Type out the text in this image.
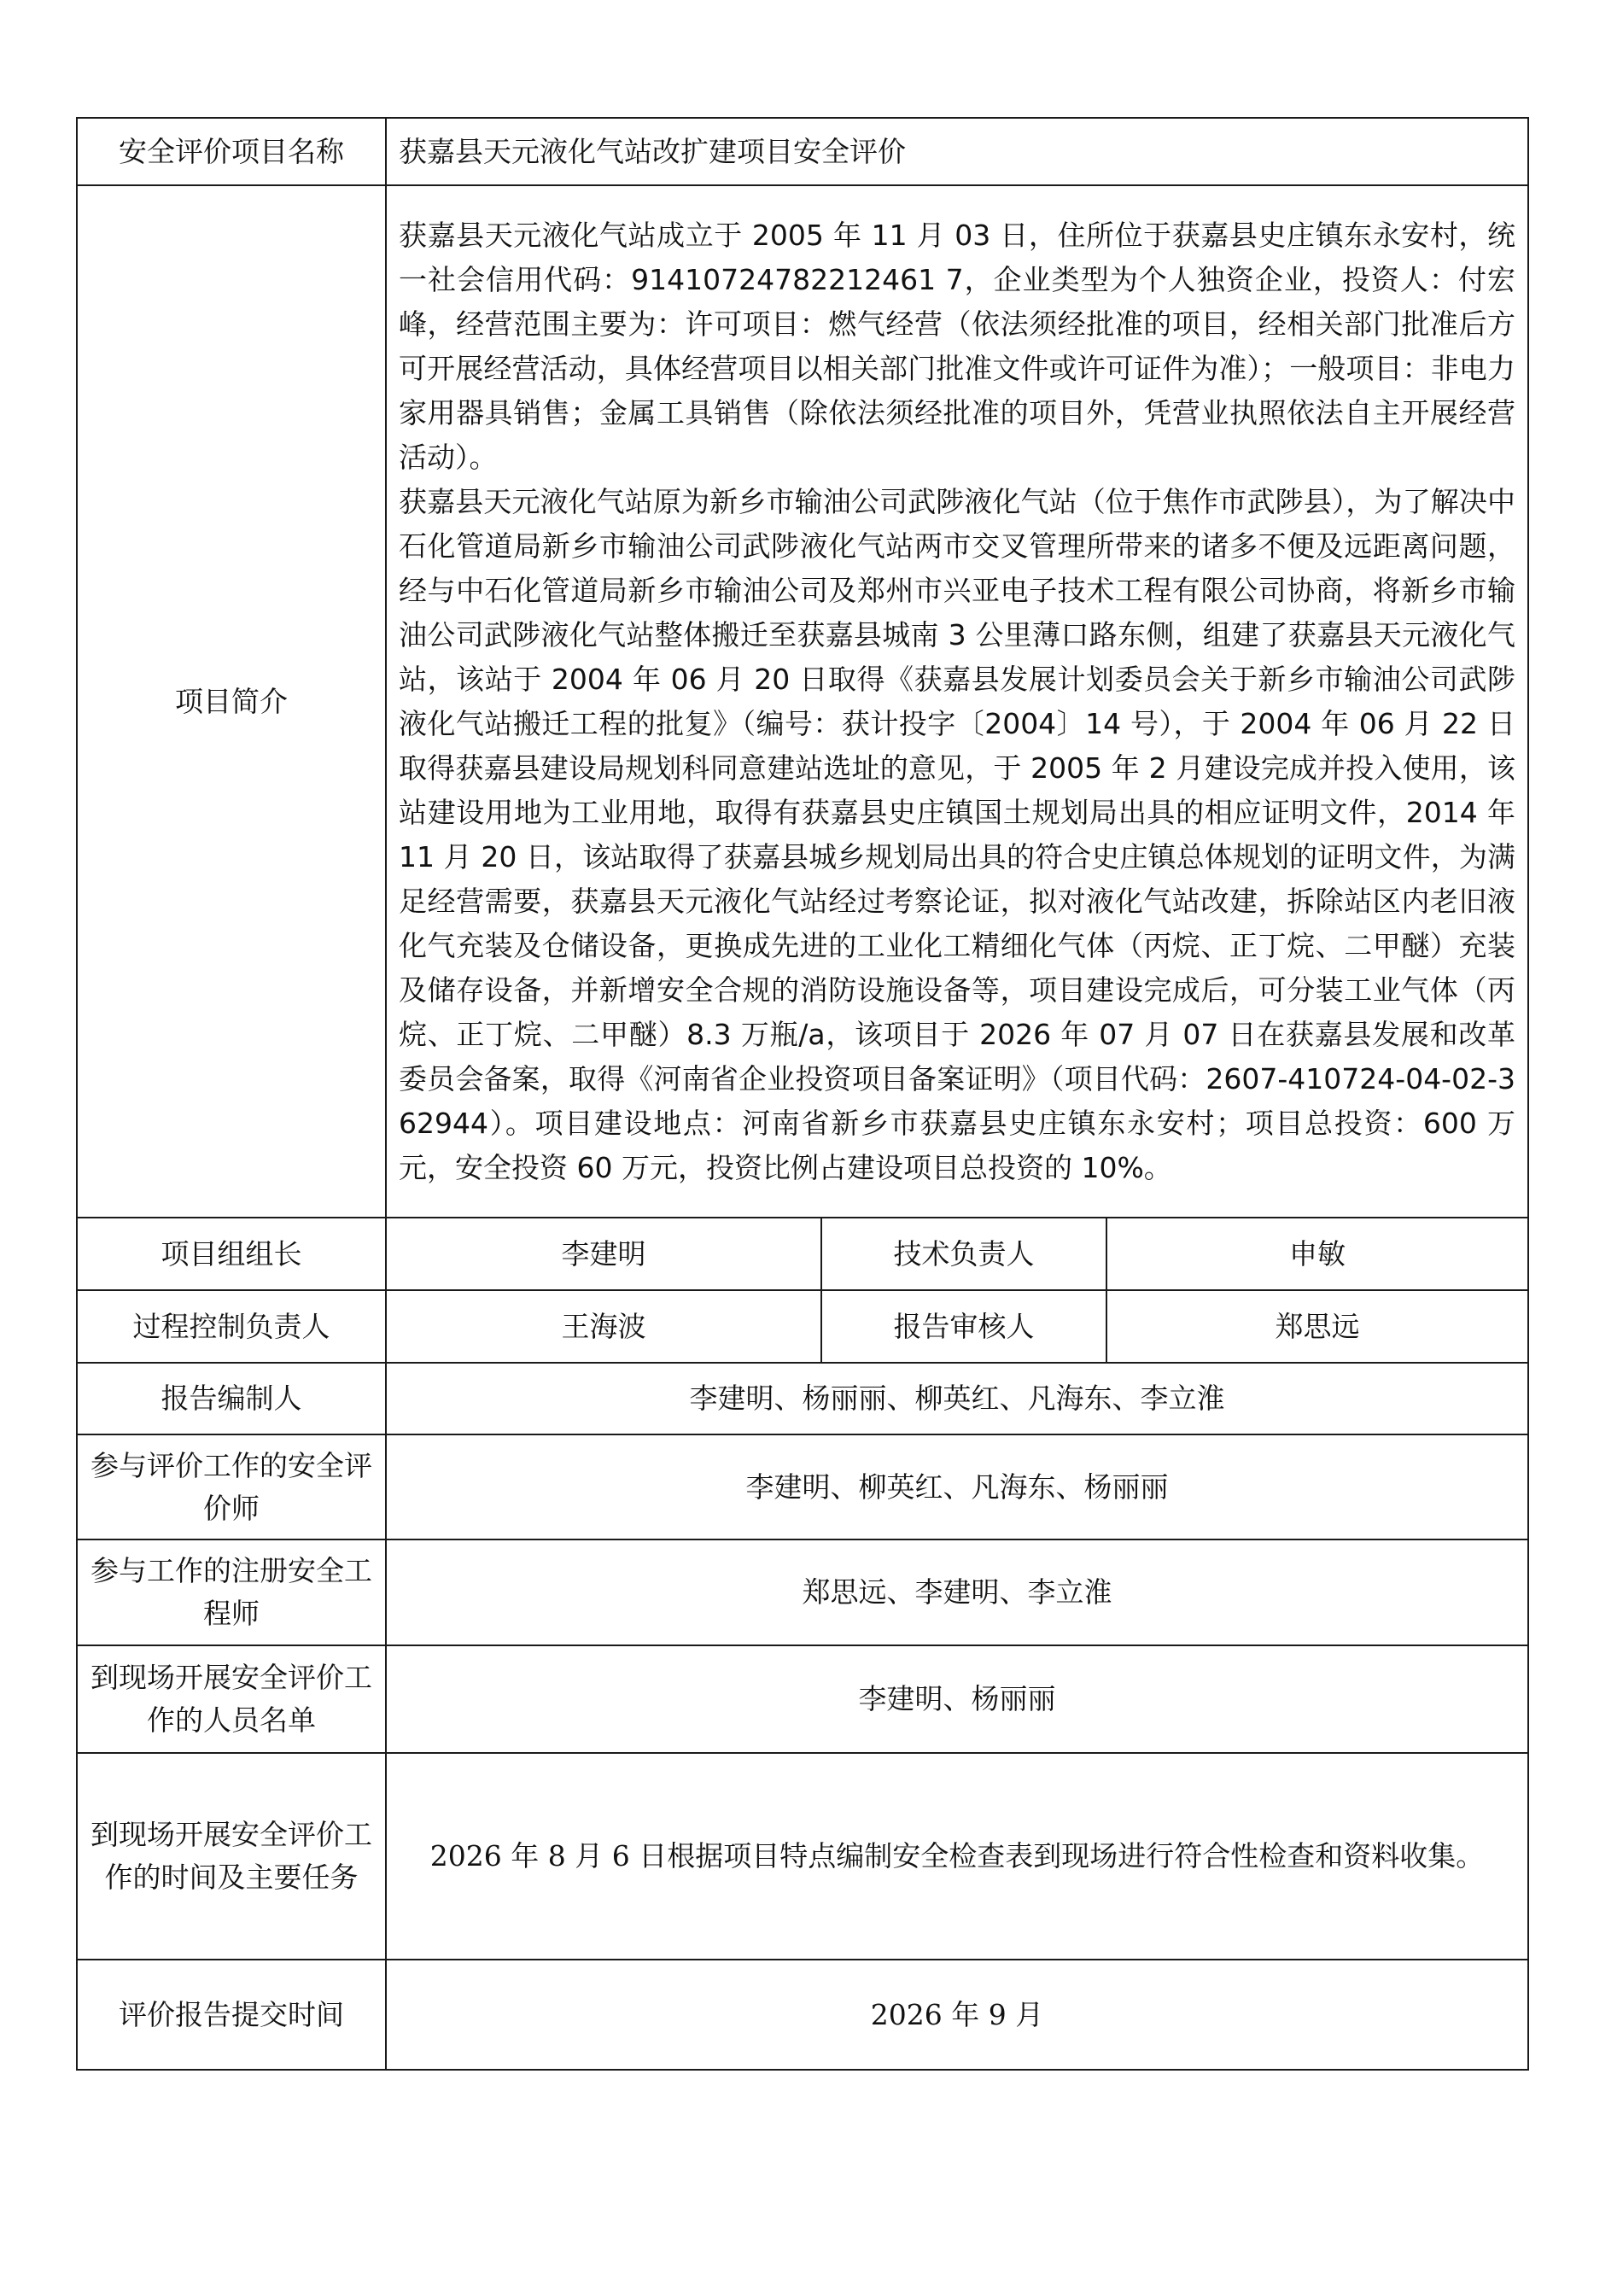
安全评价项目名称	获嘉县天元液化气站改扩建项目安全评价		
项目简介	获嘉县天元液化气站成立于 2005 年 11 月 03 日，住所位于获嘉县史庄镇东永安村，统一社会信用代码：91410724782212461 7，企业类型为个人独资企业，投资人：付宏峰，经营范围主要为：许可项目：燃气经营（依法须经批准的项目，经相关部门批准后方可开展经营活动，具体经营项目以相关部门批准文件或许可证件为准）；一般项目：非电力家用器具销售；金属工具销售（除依法须经批准的项目外，凭营业执照依法自主开展经营活动）。

获嘉县天元液化气站原为新乡市输油公司武陟液化气站（位于焦作市武陟县），为了解决中石化管道局新乡市输油公司武陟液化气站两市交叉管理所带来的诸多不便及远距离问题，经与中石化管道局新乡市输油公司及郑州市兴亚电子技术工程有限公司协商，将新乡市输油公司武陟液化气站整体搬迁至获嘉县城南 3 公里薄口路东侧，组建了获嘉县天元液化气站，该站于 2004 年 06 月 20 日取得《获嘉县发展计划委员会关于新乡市输油公司武陟液化气站搬迁工程的批复》（编号：获计投字〔2004〕14 号），于 2004 年 06 月 22 日取得获嘉县建设局规划科同意建站选址的意见，于 2005 年 2 月建设完成并投入使用，该站建设用地为工业用地，取得有获嘉县史庄镇国土规划局出具的相应证明文件，2014 年 11 月 20 日，该站取得了获嘉县城乡规划局出具的符合史庄镇总体规划的证明文件，为满足经营需要，获嘉县天元液化气站经过考察论证，拟对液化气站改建，拆除站区内老旧液化气充装及仓储设备，更换成先进的工业化工精细化气体（丙烷、正丁烷、二甲醚）充装及储存设备，并新增安全合规的消防设施设备等，项目建设完成后，可分装工业气体（丙烷、正丁烷、二甲醚）8.3 万瓶/a，该项目于 2026 年 07 月 07 日在获嘉县发展和改革委员会备案，取得《河南省企业投资项目备案证明》（项目代码：2607-410724-04-02-362944）。项目建设地点：河南省新乡市获嘉县史庄镇东永安村；项目总投资：600 万元，安全投资 60 万元，投资比例占建设项目总投资的 10%。		

项目组组长	李建明	技术负责人	申敏
过程控制负责人	王海波	报告审核人	郑思远
报告编制人	李建明、杨丽丽、柳英红、凡海东、李立淮		
参与评价工作的安全评价师	李建明、柳英红、凡海东、杨丽丽		
参与工作的注册安全工程师	郑思远、李建明、李立淮		
到现场开展安全评价工作的人员名单	李建明、杨丽丽		
到现场开展安全评价工作的时间及主要任务	2026 年 8 月 6 日根据项目特点编制安全检查表到现场进行符合性检查和资料收集。		
评价报告提交时间	2026 年 9 月		
